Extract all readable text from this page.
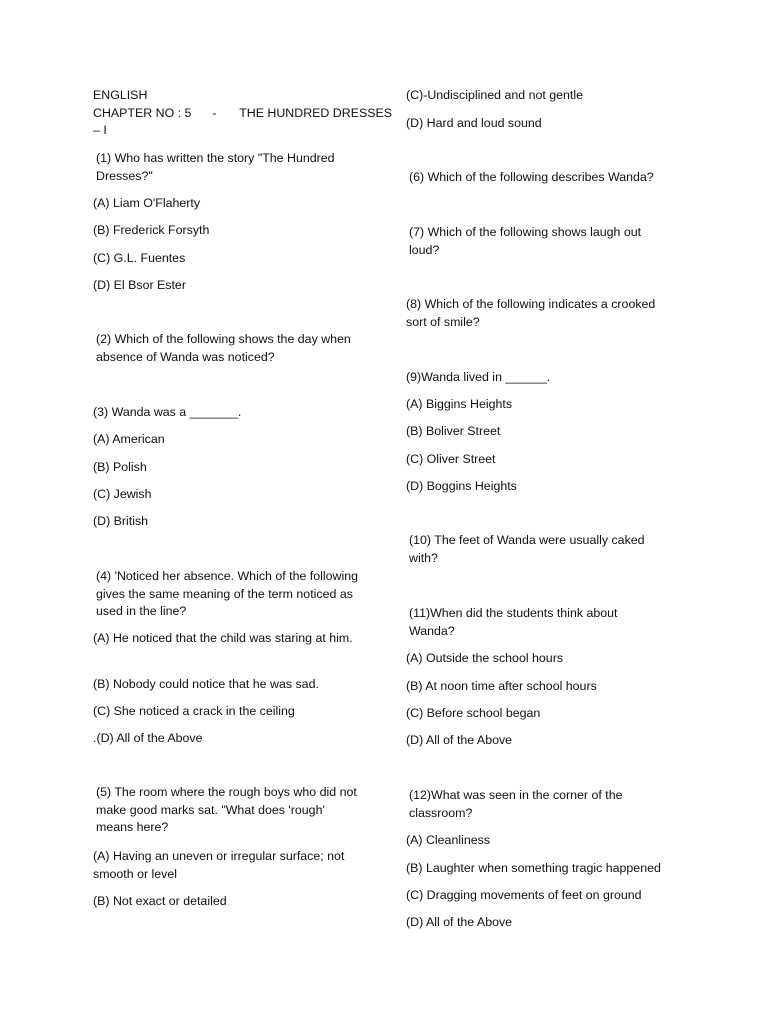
ENGLISH
CHAPTER NO : 5 - THE HUNDRED DRESSES
– I
(1) Who has written the story "The Hundred Dresses?"
(A) Liam O'Flaherty
(B) Frederick Forsyth
(C) G.L. Fuentes
(D) El Bsor Ester
(2) Which of the following shows the day when absence of Wanda was noticed?
(3) Wanda was a _______.
(A) American
(B) Polish
(C) Jewish
(D) British
(4) 'Noticed her absence. Which of the following gives the same meaning of the term noticed as used in the line?
(A) He noticed that the child was staring at him.
(B) Nobody could notice that he was sad.
(C) She noticed a crack in the ceiling
.(D) All of the Above
(5) The room where the rough boys who did not make good marks sat. "What does 'rough' means here?
(A) Having an uneven or irregular surface; not smooth or level
(B) Not exact or detailed
(C)-Undisciplined and not gentle
(D) Hard and loud sound
(6) Which of the following describes Wanda?
(7) Which of the following shows laugh out loud?
(8) Which of the following indicates a crooked sort of smile?
(9)Wanda lived in ______.
(A) Biggins Heights
(B) Boliver Street
(C) Oliver Street
(D) Boggins Heights
(10) The feet of Wanda were usually caked with?
(11)When did the students think about Wanda?
(A) Outside the school hours
(B) At noon time after school hours
(C) Before school began
(D) All of the Above
(12)What was seen in the corner of the classroom?
(A) Cleanliness
(B) Laughter when something tragic happened
(C) Dragging movements of feet on ground
(D) All of the Above
